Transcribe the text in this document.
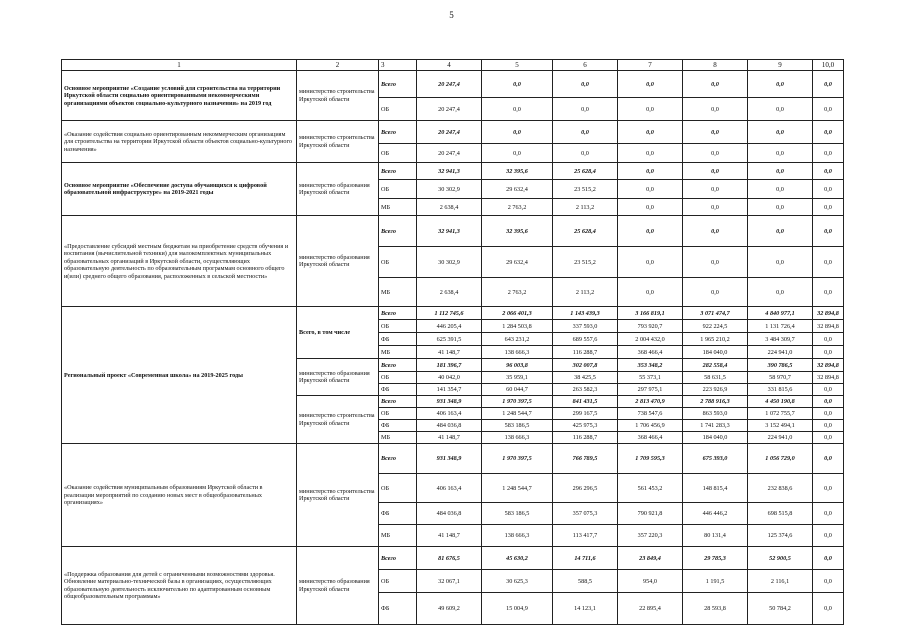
5
1	2	3	4	5	6	7	8	9	10,0
Основное мероприятие «Создание условий для строительства на территории Иркутской области социально ориентированными некоммерческими организациями объектов социально-культурного назначения» на 2019 год	министерство строительства Иркутской области	Всего	20 247,4	0,0	0,0	0,0	0,0	0,0	0,0
		ОБ	20 247,4	0,0	0,0	0,0	0,0	0,0	0,0
«Оказание содействия социально ориентированным некоммерческим организациям для строительства на территории Иркутской области объектов социально-культурного назначения»	министерство строительства Иркутской области	Всего	20 247,4	0,0	0,0	0,0	0,0	0,0	0,0
		ОБ	20 247,4	0,0	0,0	0,0	0,0	0,0	0,0
Основное мероприятие «Обеспечение доступа обучающихся к цифровой образовательной инфраструктуре» на 2019-2021 годы	министерство образования Иркутской области	Всего	32 941,3	32 395,6	25 628,4	0,0	0,0	0,0	0,0
		ОБ	30 302,9	29 632,4	23 515,2	0,0	0,0	0,0	0,0
		МБ	2 638,4	2 763,2	2 113,2	0,0	0,0	0,0	0,0
«Предоставление субсидий местным бюджетам на приобретение средств обучения и воспитания (вычислительной техники) для малокомплектных муниципальных образовательных организаций в Иркутской области, осуществляющих образовательную деятельность по образовательным программам основного общего и(или) среднего общего образования, расположенных в сельской местности»	министерство образования Иркутской области	Всего	32 941,3	32 395,6	25 628,4	0,0	0,0	0,0	0,0
		ОБ	30 302,9	29 632,4	23 515,2	0,0	0,0	0,0	0,0
		МБ	2 638,4	2 763,2	2 113,2	0,0	0,0	0,0	0,0
Региональный проект «Современная школа» на 2019-2025 годы	Всего, в том числе	Всего	1 112 745,6	2 066 401,3	1 143 439,3	3 166 819,1	3 071 474,7	4 840 977,1	32 894,8
		ОБ	446 205,4	1 284 503,8	337 593,0	793 920,7	922 224,5	1 131 726,4	32 894,8
		ФБ	625 391,5	643 231,2	689 557,6	2 004 432,0	1 965 210,2	3 484 309,7	0,0
		МБ	41 148,7	138 666,3	116 288,7	368 466,4	184 040,0	224 941,0	0,0
	министерство образования Иркутской области	Всего	181 396,7	96 003,8	302 007,8	353 348,2	282 558,4	390 786,5	32 894,8
		ОБ	40 042,0	35 959,1	38 425,5	55 373,1	58 631,5	58 970,7	32 894,8
		ФБ	141 354,7	60 044,7	263 582,3	297 975,1	223 926,9	331 815,6	0,0
	министерство строительства Иркутской области	Всего	931 348,9	1 970 397,5	841 431,5	2 813 470,9	2 788 916,3	4 450 190,8	0,0
		ОБ	406 163,4	1 248 544,7	299 167,5	738 547,6	863 593,0	1 072 755,7	0,0
		ФБ	484 036,8	583 186,5	425 975,3	1 706 456,9	1 741 283,3	3 152 494,1	0,0
		МБ	41 148,7	138 666,3	116 288,7	368 466,4	184 040,0	224 941,0	0,0
«Оказание содействия муниципальным образованиям Иркутской области в реализации мероприятий по созданию новых мест в общеобразовательных организациях»	министерство строительства Иркутской области	Всего	931 348,9	1 970 397,5	766 789,5	1 709 595,3	675 393,0	1 056 729,0	0,0
		ОБ	406 163,4	1 248 544,7	296 296,5	561 453,2	148 815,4	232 838,6	0,0
		ФБ	484 036,8	583 186,5	357 075,3	790 921,8	446 446,2	698 515,8	0,0
		МБ	41 148,7	138 666,3	113 417,7	357 220,3	80 131,4	125 374,6	0,0
«Поддержка образования для детей с ограниченными возможностями здоровья. Обновление материально-технической базы в организациях, осуществляющих образовательную деятельность исключительно по адаптированным основным общеобразовательным программам»	министерство образования Иркутской области	Всего	81 676,5	45 630,2	14 711,6	23 849,4	29 785,3	52 900,5	0,0
		ОБ	32 067,1	30 625,3	588,5	954,0	1 191,5	2 116,1	0,0
		ФБ	49 609,2	15 004,9	14 123,1	22 895,4	28 593,8	50 784,2	0,0
